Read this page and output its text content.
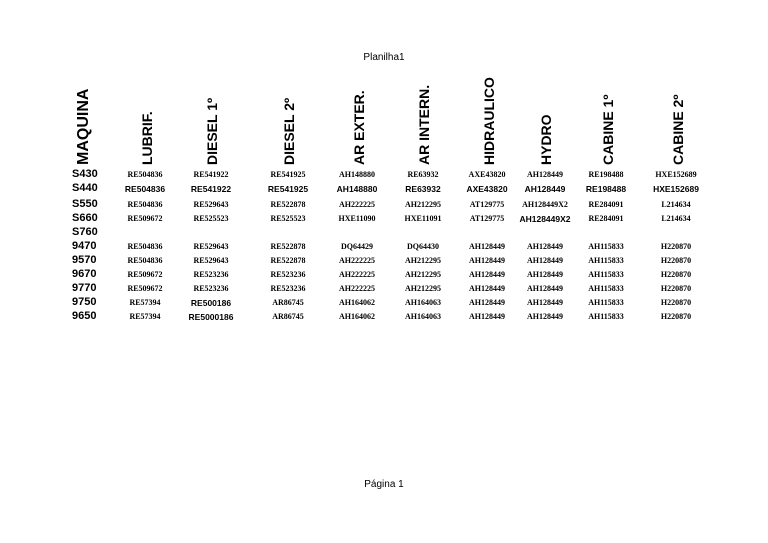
Planilha1
MAQUINA	LUBRIF.	DIESEL 1º	DIESEL 2º	AR EXTER.	AR INTERN.	HIDRAULICO	HYDRO	CABINE 1º	CABINE 2º
S430	RE504836	RE541922	RE541925	AH148880	RE63932	AXE43820	AH128449	RE198488	HXE152689
S440	RE504836	RE541922	RE541925	AH148880	RE63932	AXE43820	AH128449	RE198488	HXE152689
S550	RE504836	RE529643	RE522878	AH222225	AH212295	AT129775	AH128449X2	RE284091	L214634
S660	RE509672	RE525523	RE525523	HXE11090	HXE11091	AT129775	AH128449X2	RE284091	L214634
S760
9470	RE504836	RE529643	RE522878	DQ64429	DQ64430	AH128449	AH128449	AH115833	H220870
9570	RE504836	RE529643	RE522878	AH222225	AH212295	AH128449	AH128449	AH115833	H220870
9670	RE509672	RE523236	RE523236	AH222225	AH212295	AH128449	AH128449	AH115833	H220870
9770	RE509672	RE523236	RE523236	AH222225	AH212295	AH128449	AH128449	AH115833	H220870
9750	RE57394	RE500186	AR86745	AH164062	AH164063	AH128449	AH128449	AH115833	H220870
9650	RE57394	RE5000186	AR86745	AH164062	AH164063	AH128449	AH128449	AH115833	H220870
Página 1
